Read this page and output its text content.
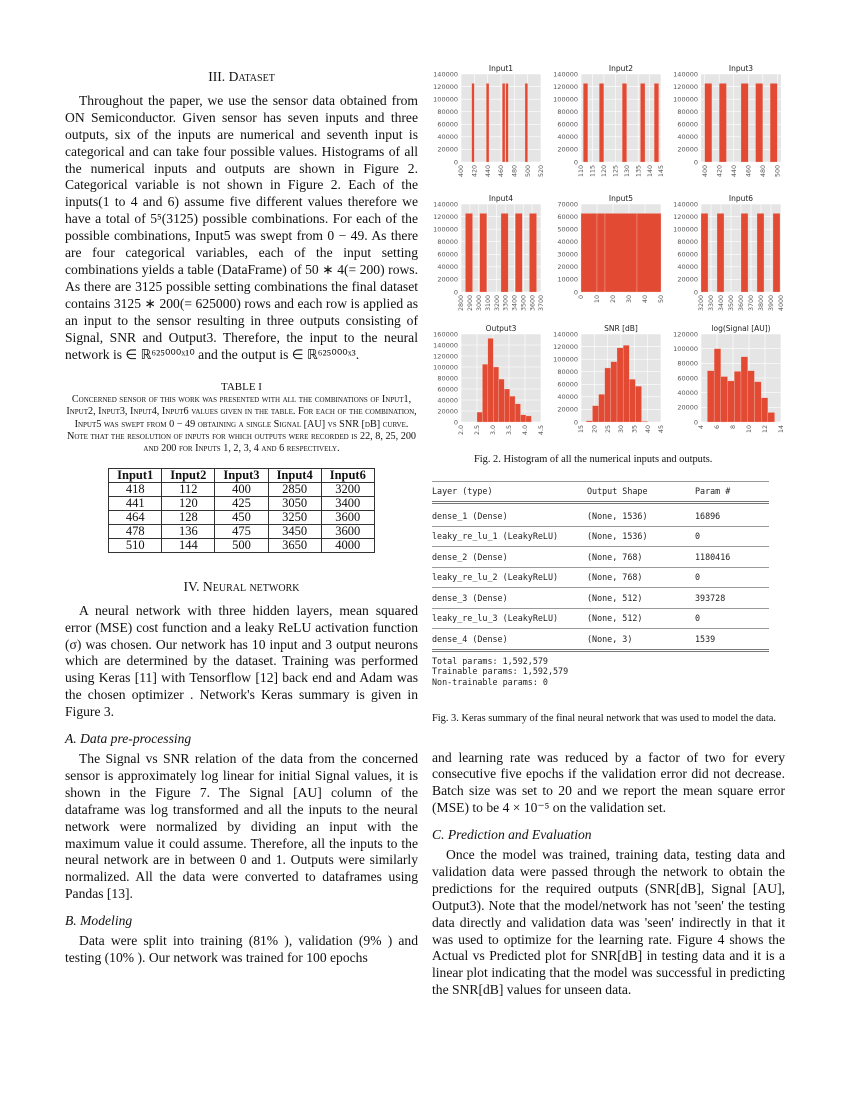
III. Dataset

Throughout the paper, we use the sensor data obtained from ON Semiconductor. Given sensor has seven inputs and three outputs, six of the inputs are numerical and seventh input is categorical and can take four possible values. Histograms of all the numerical inputs and outputs are shown in Figure 2. Categorical variable is not shown in Figure 2. Each of the inputs(1 to 4 and 6) assume five different values therefore we have a total of 5⁵(3125) possible combinations. For each of the possible combinations, Input5 was swept from 0 − 49. As there are four categorical variables, each of the input setting combinations yields a table (DataFrame) of 50 ∗ 4(= 200) rows. As there are 3125 possible setting combinations the final dataset contains 3125 ∗ 200(= 625000) rows and each row is applied as an input to the sensor resulting in three outputs consisting of Signal, SNR and Output3. Therefore, the input to the neural network is ∈ ℝ⁶²⁵⁰⁰⁰ˣ¹⁰ and the output is ∈ ℝ⁶²⁵⁰⁰⁰ˣ³.

TABLE I
Concerned sensor of this work was presented with all the combinations of Input1, Input2, Input3, Input4, Input6 values given in the table. For each of the combination, Input5 was swept from 0 − 49 obtaining a single Signal [AU] vs SNR [dB] curve. Note that the resolution of inputs for which outputs were recorded is 22, 8, 25, 200 and 200 for Inputs 1, 2, 3, 4 and 6 respectively.
Input1	Input2	Input3	Input4	Input6
418	112	400	2850	3200
441	120	425	3050	3400
464	128	450	3250	3600
478	136	475	3450	3600
510	144	500	3650	4000
IV. Neural network

A neural network with three hidden layers, mean squared error (MSE) cost function and a leaky ReLU activation function (σ) was chosen. Our network has 10 input and 3 output neurons which are determined by the dataset. Training was performed using Keras [11] with Tensorflow [12] back end and Adam was the chosen optimizer . Network's Keras summary is given in Figure 3.

A. Data pre-processing

The Signal vs SNR relation of the data from the concerned sensor is approximately log linear for initial Signal values, it is shown in the Figure 7. The Signal [AU] column of the dataframe was log transformed and all the inputs to the neural network were normalized by dividing an input with the maximum value it could assume. Therefore, all the inputs to the neural network are in between 0 and 1. Outputs were similarly normalized. All the data were converted to dataframes using Pandas [13].

B. Modeling

Data were split into training (81% ), validation (9% ) and testing (10% ). Our network was trained for 100 epochs

Input1
0
20000
40000
60000
80000
100000
120000
140000
400 420 440 460 480 500 520
Input2
0
20000
40000
60000
80000
100000
120000
140000
110 115 120 125 130 135 140 145
Input3
0
20000
40000
60000
80000
100000
120000
140000
400 420 440 460 480 500
Input4
0
20000
40000
60000
80000
100000
120000
140000
2800 2900 3000 3100 3200 3300 3400 3500 3600 3700
Input5
0
10000
20000
30000
40000
50000
60000
70000
0 10 20 30 40 50
Input6
0
20000
40000
60000
80000
100000
120000
140000
3200 3300 3400 3500 3600 3700 3800 3900 4000
Output3
0
20000
40000
60000
80000
100000
120000
140000
160000
2.0 2.5 3.0 3.5 4.0 4.5
SNR [dB]
0
20000
40000
60000
80000
100000
120000
140000
15 20 25 30 35 40 45
log(Signal [AU])
0
20000
40000
60000
80000
100000
120000
4 6 8 10 12 14
Fig. 2. Histogram of all the numerical inputs and outputs.
Layer (type)	Output Shape	Param #
dense_1 (Dense)	(None, 1536)	16896
leaky_re_lu_1 (LeakyReLU)	(None, 1536)	0
dense_2 (Dense)	(None, 768)	1180416
leaky_re_lu_2 (LeakyReLU)	(None, 768)	0
dense_3 (Dense)	(None, 512)	393728
leaky_re_lu_3 (LeakyReLU)	(None, 512)	0
dense_4 (Dense)	(None, 3)	1539
Total params: 1,592,579
Trainable params: 1,592,579
Non-trainable params: 0
Fig. 3. Keras summary of the final neural network that was used to model the data.

and learning rate was reduced by a factor of two for every consecutive five epochs if the validation error did not decrease. Batch size was set to 20 and we report the mean square error (MSE) to be 4 × 10⁻⁵ on the validation set.

C. Prediction and Evaluation

Once the model was trained, training data, testing data and validation data were passed through the network to obtain the predictions for the required outputs (SNR[dB], Signal [AU], Output3). Note that the model/network has not 'seen' the testing data directly and validation data was 'seen' indirectly in that it was used to optimize for the learning rate. Figure 4 shows the Actual vs Predicted plot for SNR[dB] in testing data and it is a linear plot indicating that the model was successful in predicting the SNR[dB] values for unseen data.
